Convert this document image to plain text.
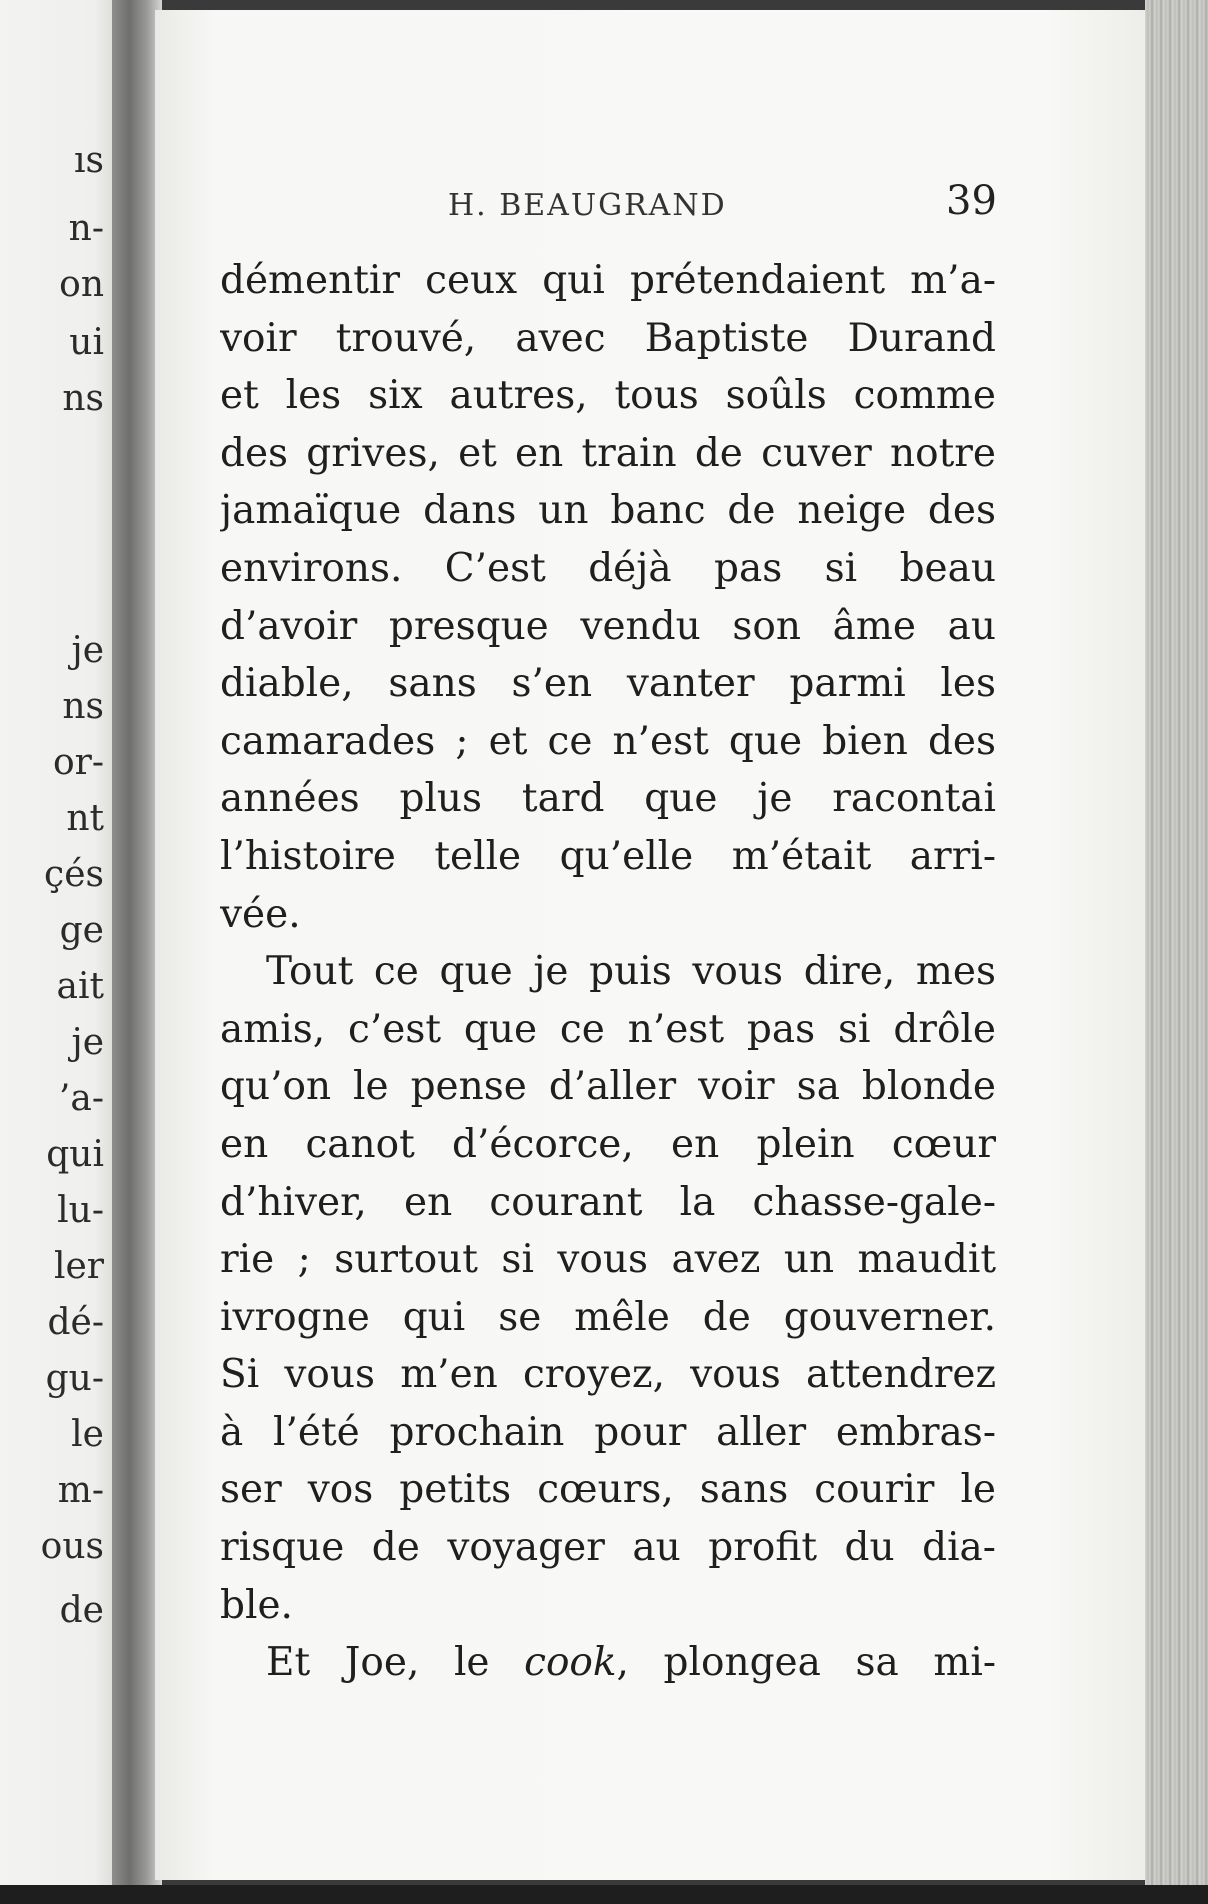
ıs
n-
on
ui
ns
je
ns
or-
nt
çés
ge
ait
je
’a-
qui
lu-
ler
dé-
gu-
le
m-
ous
de
H. BEAUGRAND	39
démentir ceux qui prétendaient m’a-
voir trouvé, avec Baptiste Durand
et les six autres, tous soûls comme
des grives, et en train de cuver notre
jamaïque dans un banc de neige des
environs. C’est déjà pas si beau
d’avoir presque vendu son âme au
diable, sans s’en vanter parmi les
camarades ; et ce n’est que bien des
années plus tard que je racontai
l’histoire telle qu’elle m’était arri-
vée.
Tout ce que je puis vous dire, mes
amis, c’est que ce n’est pas si drôle
qu’on le pense d’aller voir sa blonde
en canot d’écorce, en plein cœur
d’hiver, en courant la chasse-gale-
rie ; surtout si vous avez un maudit
ivrogne qui se mêle de gouverner.
Si vous m’en croyez, vous attendrez
à l’été prochain pour aller embras-
ser vos petits cœurs, sans courir le
risque de voyager au profit du dia-
ble.
Et Joe, le cook, plongea sa mi-
